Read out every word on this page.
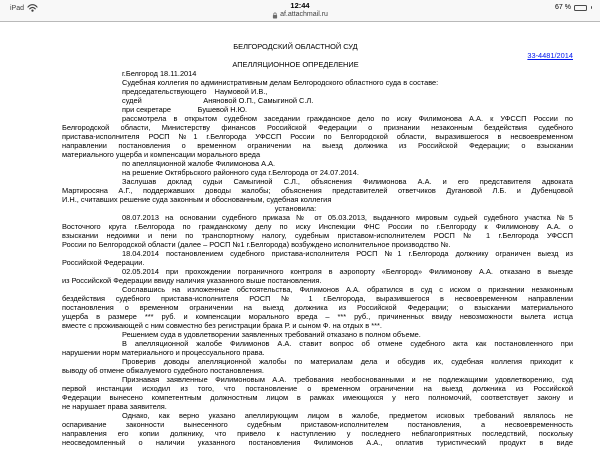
iPad	12:44
af.attachmail.ru
67 %
БЕЛГОРОДСКИЙ ОБЛАСТНОЙ СУД
33-4481/2014
АПЕЛЛЯЦИОННОЕ ОПРЕДЕЛЕНИЕ
г.Белгород 18.11.2014
Судебная коллегия по административным делам Белгородского областного суда в составе:
председательствующего    Наумовой И.В.,
судей                              Аняновой О.П., Самыгиной С.Л.
при секретаре             Бушевой Н.Ю.
рассмотрела в открытом судебном заседании гражданское дело по иску Филимонова А.А. к УФССП России по
Белгородской области, Министерству финансов Российской Федерации о признании незаконным бездействия судебного
пристава-исполнителя РОСП №1 г.Белгорода УФССП России по Белгородской области, выразившегося в несвоевременном
направлении постановления о временном ограничении на выезд должника из Российской Федерации; о взыскании
материального ущерба и компенсации морального вреда
по апелляционной жалобе Филимонова А.А.
на решение Октябрьского районного суда г.Белгорода от 24.07.2014.
Заслушав доклад судьи Самыгиной С.Л., объяснения Филимонова А.А. и его представителя адвоката
Мартиросяна А.Г., поддержавших доводы жалобы; объяснения представителей ответчиков Дугановой Л.Б. и Дубенцовой
И.Н., считавших решение суда законным и обоснованным, судебная коллегия
установила:
08.07.2013 на основании судебного приказа № от 05.03.2013, выданного мировым судьей судебного участка №5
Восточного круга г.Белгорода по гражданскому делу по иску Инспекции ФНС России по г.Белгороду к Филимонову А.А. о
взыскании недоимки и пени по транспортному налогу, судебным приставом-исполнителем РОСП № 1 г.Белгорода УФССП
России по Белгородской области (далее – РОСП №1 г.Белгорода) возбуждено исполнительное производство №.
18.04.2014 постановлением судебного пристава-исполнителя РОСП №1 г.Белгорода должнику ограничен выезд из
Российской Федерации.
02.05.2014 при прохождении пограничного контроля в аэропорту «Белгород» Филимонову А.А. отказано в выезде
из Российской Федерации ввиду наличия указанного выше постановления.
Сославшись на изложенные обстоятельства, Филимонов А.А. обратился в суд с иском о признании незаконным
бездействия судебного пристава-исполнителя РОСП № 1 г.Белгорода, выразившегося в несвоевременном направлении
постановления о временном ограничении на выезд должника из Российской Федерации; о взыскании материального
ущерба в размере *** руб. и компенсации морального вреда – *** руб., причиненных ввиду невозможности вылета истца
вместе с проживающей с ним совместно без регистрации брака Р. и сыном Ф. на отдых в ***.
Решением суда в удовлетворении заявленных требований отказано в полном объеме.
В апелляционной жалобе Филимонов А.А. ставит вопрос об отмене судебного акта как постановленного при
нарушении норм материального и процессуального права.
Проверив доводы апелляционной жалобы по материалам дела и обсудив их, судебная коллегия приходит к
выводу об отмене обжалуемого судебного постановления.
Признавая заявленные Филимоновым А.А. требования необоснованными и не подлежащими удовлетворению, суд
первой инстанции исходил из того, что постановление о временном ограничении на выезд должника из Российской
Федерации вынесено компетентным должностным лицом в рамках имеющихся у него полномочий, соответствует закону и
не нарушает права заявителя.
Однако, как верно указано апеллирующим лицом в жалобе, предметом исковых требований являлось не
оспаривание законности вынесенного судебным приставом-исполнителем постановления, а несвоевременность
направления его копии должнику, что привело к наступлению у последнего неблагоприятных последствий, поскольку
неосведомленный о наличии указанного постановления Филимонов А.А., оплатив туристический продукт в виде
